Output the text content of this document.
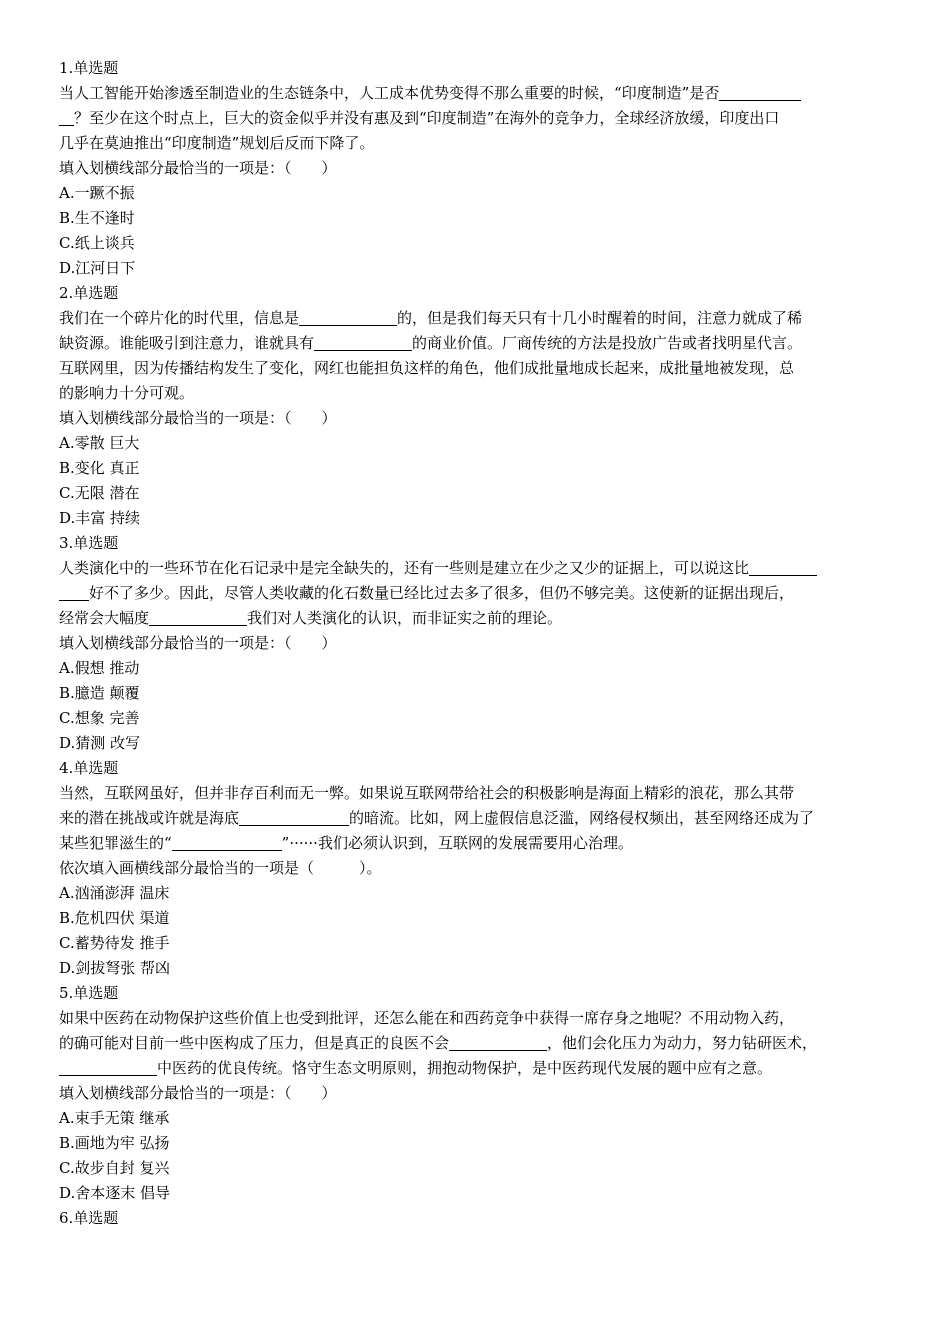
1.单选题
当人工智能开始渗透至制造业的生态链条中，人工成本优势变得不那么重要的时候，“印度制造”是否
？至少在这个时点上，巨大的资金似乎并没有惠及到“印度制造”在海外的竞争力，全球经济放缓，印度出口
几乎在莫迪推出“印度制造”规划后反而下降了。
填入划横线部分最恰当的一项是：（　　）
A.一蹶不振
B.生不逢时
C.纸上谈兵
D.江河日下
2.单选题
我们在一个碎片化的时代里，信息是	的，但是我们每天只有十几小时醒着的时间，注意力就成了稀
缺资源。谁能吸引到注意力，谁就具有	的商业价值。厂商传统的方法是投放广告或者找明星代言。
互联网里，因为传播结构发生了变化，网红也能担负这样的角色，他们成批量地成长起来，成批量地被发现，总
的影响力十分可观。
填入划横线部分最恰当的一项是：（　　）
A.零散 巨大
B.变化 真正
C.无限 潜在
D.丰富 持续
3.单选题
人类演化中的一些环节在化石记录中是完全缺失的，还有一些则是建立在少之又少的证据上，可以说这比
好不了多少。因此，尽管人类收藏的化石数量已经比过去多了很多，但仍不够完美。这使新的证据出现后，
经常会大幅度	我们对人类演化的认识，而非证实之前的理论。
填入划横线部分最恰当的一项是：（　　）
A.假想 推动
B.臆造 颠覆
C.想象 完善
D.猜测 改写
4.单选题
当然，互联网虽好，但并非存百利而无一弊。如果说互联网带给社会的积极影响是海面上精彩的浪花，那么其带
来的潜在挑战或许就是海底	的暗流。比如，网上虚假信息泛滥，网络侵权频出，甚至网络还成为了
某些犯罪滋生的“	”······我们必须认识到，互联网的发展需要用心治理。
依次填入画横线部分最恰当的一项是（　　　）。
A.汹涌澎湃 温床
B.危机四伏 渠道
C.蓄势待发 推手
D.剑拔弩张 帮凶
5.单选题
如果中医药在动物保护这些价值上也受到批评，还怎么能在和西药竞争中获得一席存身之地呢？不用动物入药，
的确可能对目前一些中医构成了压力，但是真正的良医不会	，他们会化压力为动力，努力钻研医术，
中医药的优良传统。恪守生态文明原则，拥抱动物保护，是中医药现代发展的题中应有之意。
填入划横线部分最恰当的一项是：（　　）
A.束手无策 继承
B.画地为牢 弘扬
C.故步自封 复兴
D.舍本逐末 倡导
6.单选题
